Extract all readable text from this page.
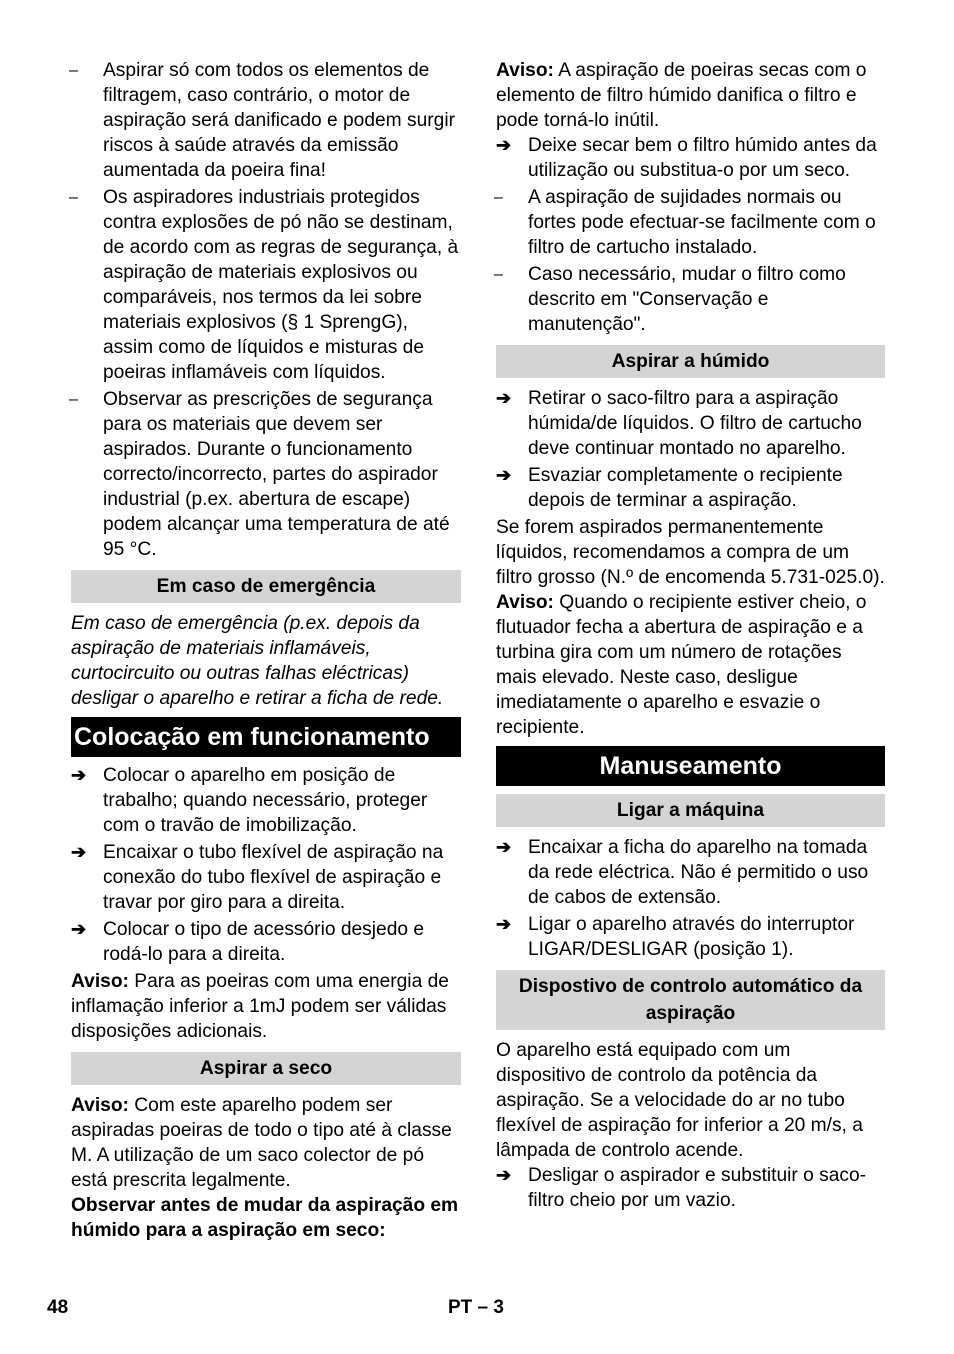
– Aspirar só com todos os elementos de filtragem, caso contrário, o motor de aspiração será danificado e podem surgir riscos à saúde através da emissão aumentada da poeira fina!
– Os aspiradores industriais protegidos contra explosões de pó não se destinam, de acordo com as regras de segurança, à aspiração de materiais explosivos ou comparáveis, nos termos da lei sobre materiais explosivos (§ 1 SprengG), assim como de líquidos e misturas de poeiras inflamáveis com líquidos.
– Observar as prescrições de segurança para os materiais que devem ser aspirados. Durante o funcionamento correcto/incorrecto, partes do aspirador industrial (p.ex. abertura de escape) podem alcançar uma temperatura de até 95 °C.
Em caso de emergência

Em caso de emergência (p.ex. depois da aspiração de materiais inflamáveis, curtocircuito ou outras falhas eléctricas) desligar o aparelho e retirar a ficha de rede.

Colocação em funcionamento
➔ Colocar o aparelho em posição de trabalho; quando necessário, proteger com o travão de imobilização.
➔ Encaixar o tubo flexível de aspiração na conexão do tubo flexível de aspiração e travar por giro para a direita.
➔ Colocar o tipo de acessório desjedo e rodá-lo para a direita.

Aviso: Para as poeiras com uma energia de inflamação inferior a 1mJ podem ser válidas disposições adicionais.

Aspirar a seco

Aviso: Com este aparelho podem ser aspiradas poeiras de todo o tipo até à classe M. A utilização de um saco colector de pó está prescrita legalmente.

Observar antes de mudar da aspiração em húmido para a aspiração em seco:

Aviso: A aspiração de poeiras secas com o elemento de filtro húmido danifica o filtro e pode torná-lo inútil.

➔ Deixe secar bem o filtro húmido antes da utilização ou substitua-o por um seco.
– A aspiração de sujidades normais ou fortes pode efectuar-se facilmente com o filtro de cartucho instalado.
– Caso necessário, mudar o filtro como descrito em "Conservação e manutenção".
Aspirar a húmido
➔ Retirar o saco-filtro para a aspiração húmida/de líquidos. O filtro de cartucho deve continuar montado no aparelho.
➔ Esvaziar completamente o recipiente depois de terminar a aspiração.

Se forem aspirados permanentemente líquidos, recomendamos a compra de um filtro grosso (N.º de encomenda 5.731-025.0).

Aviso: Quando o recipiente estiver cheio, o flutuador fecha a abertura de aspiração e a turbina gira com um número de rotações mais elevado. Neste caso, desligue imediatamente o aparelho e esvazie o recipiente.

Manuseamento
Ligar a máquina
➔ Encaixar a ficha do aparelho na tomada da rede eléctrica. Não é permitido o uso de cabos de extensão.
➔ Ligar o aparelho através do interruptor LIGAR/DESLIGAR (posição 1).
Dispostivo de controlo automático da aspiração

O aparelho está equipado com um dispositivo de controlo da potência da aspiração. Se a velocidade do ar no tubo flexível de aspiração for inferior a 20 m/s, a lâmpada de controlo acende.

➔ Desligar o aspirador e substituir o saco-filtro cheio por um vazio.
48	PT – 3
